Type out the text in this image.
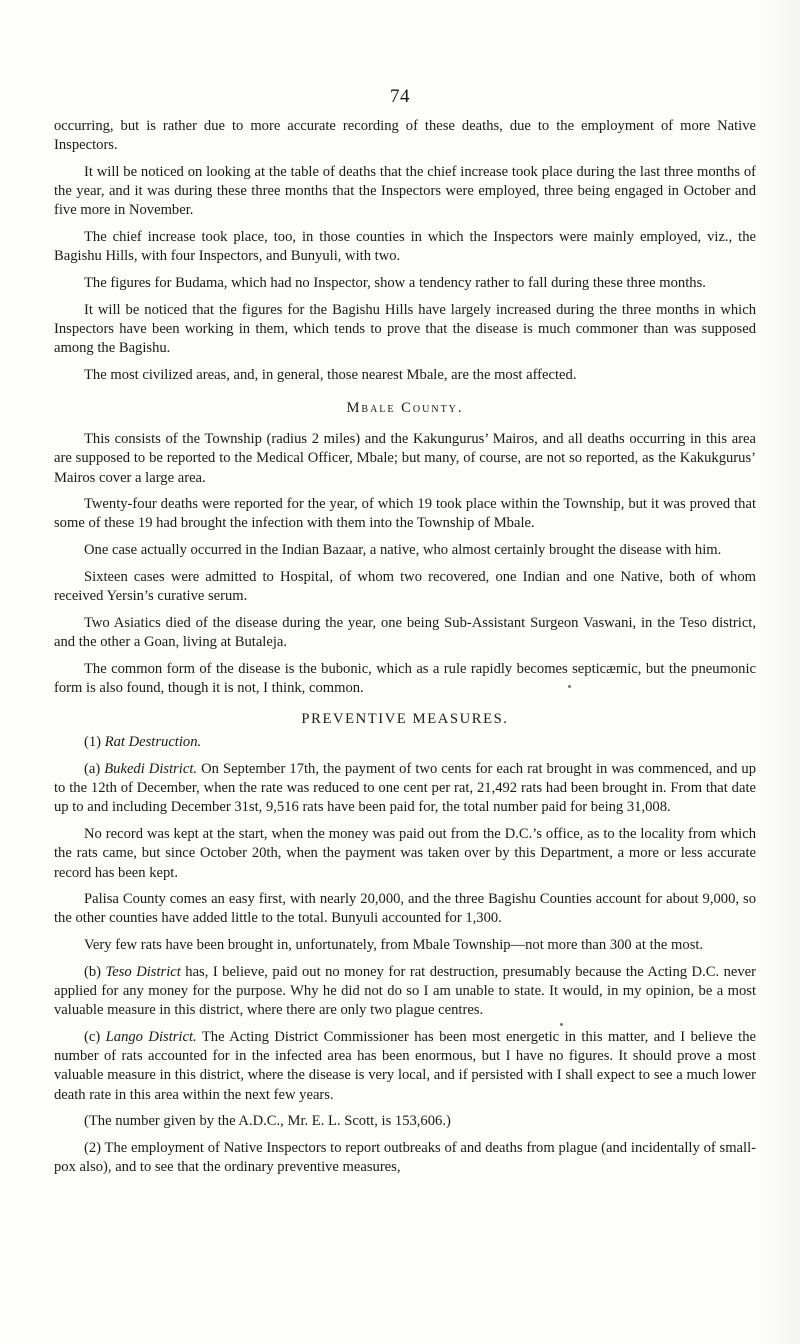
74

occurring, but is rather due to more accurate recording of these deaths, due to the employment of more Native Inspectors.

It will be noticed on looking at the table of deaths that the chief increase took place during the last three months of the year, and it was during these three months that the Inspectors were employed, three being engaged in October and five more in November.

The chief increase took place, too, in those counties in which the Inspectors were mainly employed, viz., the Bagishu Hills, with four Inspectors, and Bunyuli, with two.

The figures for Budama, which had no Inspector, show a tendency rather to fall during these three months.

It will be noticed that the figures for the Bagishu Hills have largely increased during the three months in which Inspectors have been working in them, which tends to prove that the disease is much commoner than was supposed among the Bagishu.

The most civilized areas, and, in general, those nearest Mbale, are the most affected.

Mbale County.

This consists of the Township (radius 2 miles) and the Kakungurus’ Mairos, and all deaths occurring in this area are supposed to be reported to the Medical Officer, Mbale; but many, of course, are not so reported, as the Kakukgurus’ Mairos cover a large area.

Twenty-four deaths were reported for the year, of which 19 took place within the Township, but it was proved that some of these 19 had brought the infection with them into the Township of Mbale.

One case actually occurred in the Indian Bazaar, a native, who almost certainly brought the disease with him.

Sixteen cases were admitted to Hospital, of whom two recovered, one Indian and one Native, both of whom received Yersin’s curative serum.

Two Asiatics died of the disease during the year, one being Sub-Assistant Surgeon Vaswani, in the Teso district, and the other a Goan, living at Butaleja.

The common form of the disease is the bubonic, which as a rule rapidly becomes septicæmic, but the pneumonic form is also found, though it is not, I think, common.

PREVENTIVE MEASURES.

(1) Rat Destruction.

(a) Bukedi District. On September 17th, the payment of two cents for each rat brought in was commenced, and up to the 12th of December, when the rate was reduced to one cent per rat, 21,492 rats had been brought in. From that date up to and including December 31st, 9,516 rats have been paid for, the total number paid for being 31,008.

No record was kept at the start, when the money was paid out from the D.C.’s office, as to the locality from which the rats came, but since October 20th, when the payment was taken over by this Department, a more or less accurate record has been kept.

Palisa County comes an easy first, with nearly 20,000, and the three Bagishu Counties account for about 9,000, so the other counties have added little to the total. Bunyuli accounted for 1,300.

Very few rats have been brought in, unfortunately, from Mbale Township—not more than 300 at the most.

(b) Teso District has, I believe, paid out no money for rat destruction, presumably because the Acting D.C. never applied for any money for the purpose. Why he did not do so I am unable to state. It would, in my opinion, be a most valuable measure in this district, where there are only two plague centres.

(c) Lango District. The Acting District Commissioner has been most energetic in this matter, and I believe the number of rats accounted for in the infected area has been enormous, but I have no figures. It should prove a most valuable measure in this district, where the disease is very local, and if persisted with I shall expect to see a much lower death rate in this area within the next few years.

(The number given by the A.D.C., Mr. E. L. Scott, is 153,606.)

(2) The employment of Native Inspectors to report outbreaks of and deaths from plague (and incidentally of small-pox also), and to see that the ordinary preventive measures,
